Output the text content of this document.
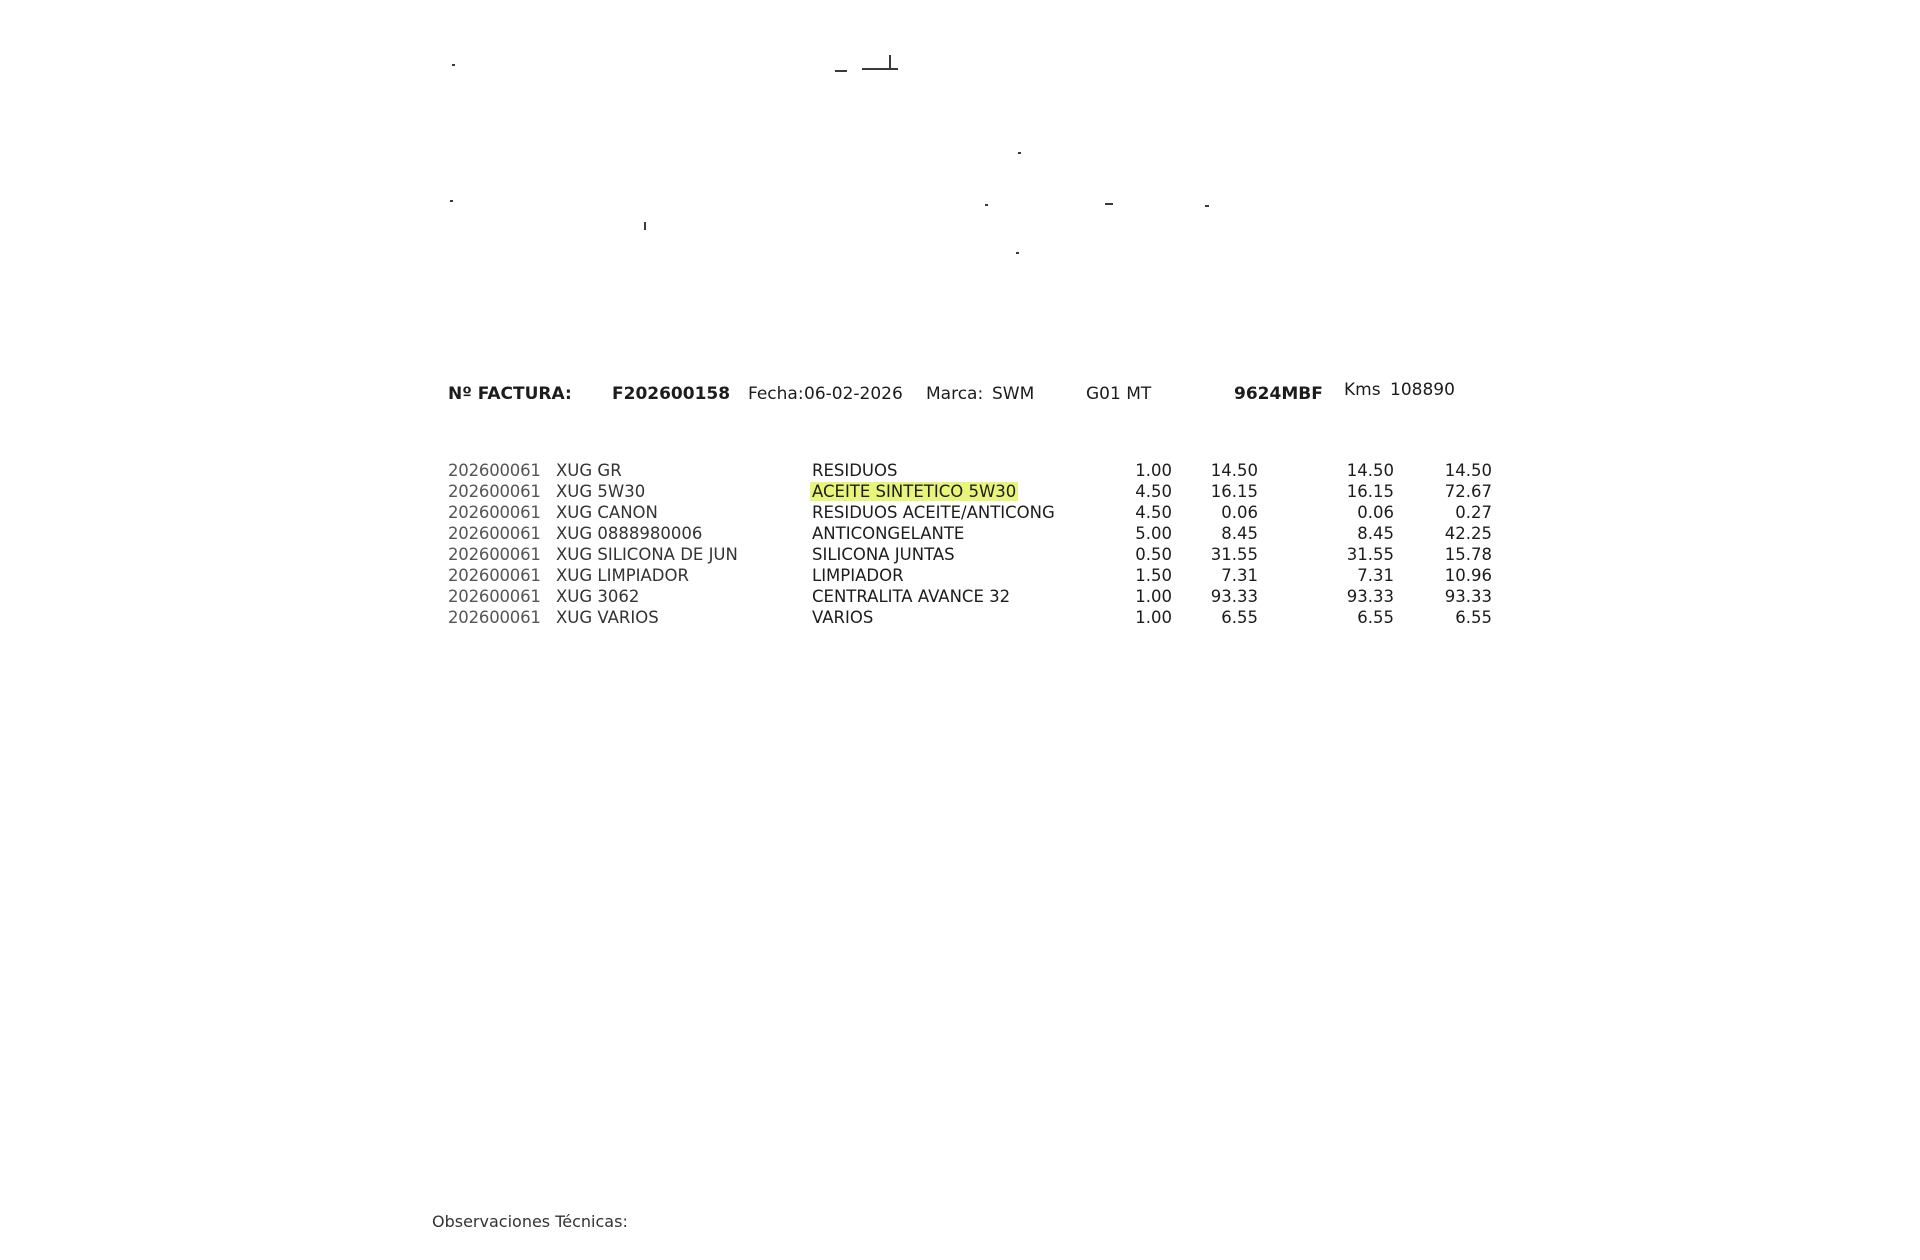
Nº FACTURA: F202600158 Fecha: 06-02-2026 Marca: SWM	G01 MT	9624MBF Kms 108890
202600061 XUG GR	RESIDUOS	1.00	14.50	14.50	14.50
202600061 XUG 5W30	ACEITE SINTETICO 5W30	4.50	16.15	16.15	72.67
202600061 XUG CANON	RESIDUOS ACEITE/ANTICONG	4.50	0.06	0.06	0.27
202600061 XUG 0888980006	ANTICONGELANTE	5.00	8.45	8.45	42.25
202600061 XUG SILICONA DE JUN	SILICONA JUNTAS	0.50	31.55	31.55	15.78
202600061 XUG LIMPIADOR	LIMPIADOR	1.50	7.31	7.31	10.96
202600061 XUG 3062	CENTRALITA AVANCE 32	1.00	93.33	93.33	93.33
202600061 XUG VARIOS	VARIOS	1.00	6.55	6.55	6.55
Observaciones Técnicas:
